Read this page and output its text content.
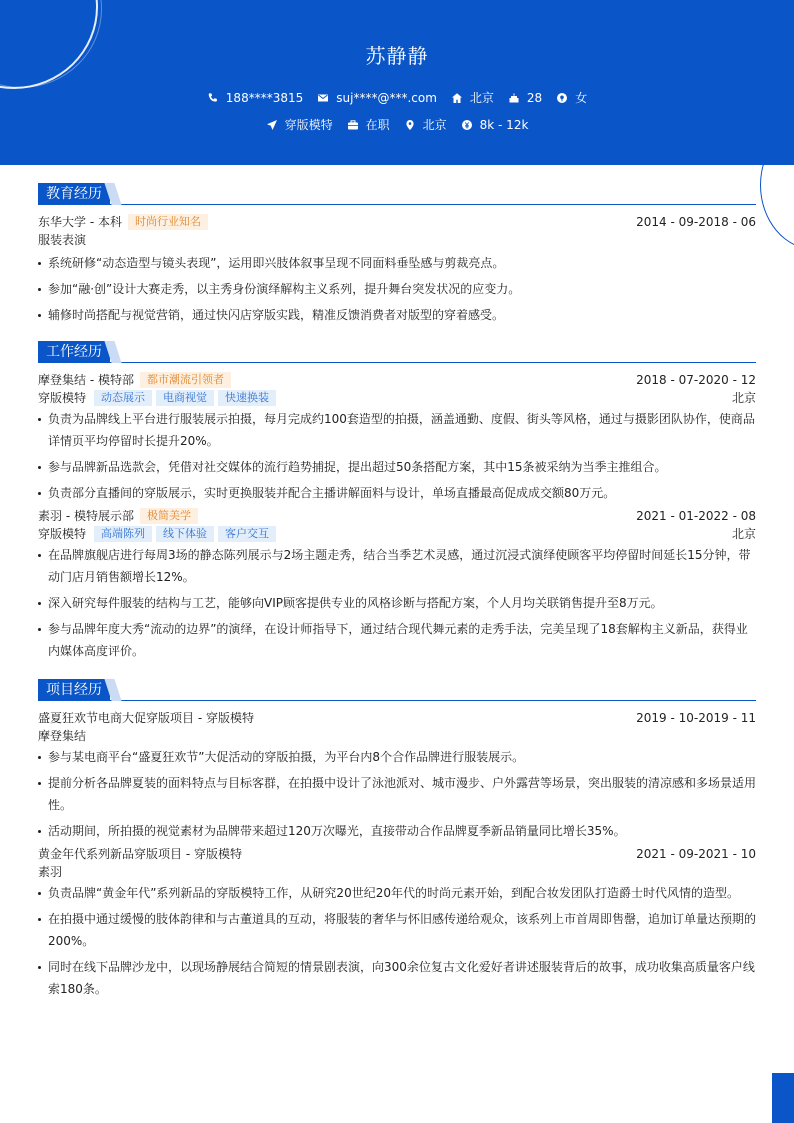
苏静静
188****3815	suj****@***.com	北京	28	女
穿版模特	在职	北京	8k - 12k
教育经历
东华大学 - 本科	时尚行业知名	2014 - 09-2018 - 06
服装表演
系统研修“动态造型与镜头表现”，运用即兴肢体叙事呈现不同面料垂坠感与剪裁亮点。
参加“融·创”设计大赛走秀，以主秀身份演绎解构主义系列，提升舞台突发状况的应变力。
辅修时尚搭配与视觉营销，通过快闪店穿版实践，精准反馈消费者对版型的穿着感受。
工作经历
摩登集结 - 模特部	都市潮流引领者	2018 - 07-2020 - 12
穿版模特	动态展示	电商视觉	快速换装	北京
负责为品牌线上平台进行服装展示拍摄，每月完成约100套造型的拍摄，涵盖通勤、度假、街头等风格，通过与摄影团队协作，使商品详情页平均停留时长提升20%。
参与品牌新品选款会，凭借对社交媒体的流行趋势捕捉，提出超过50条搭配方案，其中15条被采纳为当季主推组合。
负责部分直播间的穿版展示，实时更换服装并配合主播讲解面料与设计，单场直播最高促成成交额80万元。
素羽 - 模特展示部	极简美学	2021 - 01-2022 - 08
穿版模特	高端陈列	线下体验	客户交互	北京
在品牌旗舰店进行每周3场的静态陈列展示与2场主题走秀，结合当季艺术灵感，通过沉浸式演绎使顾客平均停留时间延长15分钟，带动门店月销售额增长12%。
深入研究每件服装的结构与工艺，能够向VIP顾客提供专业的风格诊断与搭配方案，个人月均关联销售提升至8万元。
参与品牌年度大秀“流动的边界”的演绎，在设计师指导下，通过结合现代舞元素的走秀手法，完美呈现了18套解构主义新品，获得业内媒体高度评价。
项目经历
盛夏狂欢节电商大促穿版项目 - 穿版模特	2019 - 10-2019 - 11
摩登集结
参与某电商平台“盛夏狂欢节”大促活动的穿版拍摄，为平台内8个合作品牌进行服装展示。
提前分析各品牌夏装的面料特点与目标客群，在拍摄中设计了泳池派对、城市漫步、户外露营等场景，突出服装的清凉感和多场景适用性。
活动期间，所拍摄的视觉素材为品牌带来超过120万次曝光，直接带动合作品牌夏季新品销量同比增长35%。
黄金年代系列新品穿版项目 - 穿版模特	2021 - 09-2021 - 10
素羽
负责品牌“黄金年代”系列新品的穿版模特工作，从研究20世纪20年代的时尚元素开始，到配合妆发团队打造爵士时代风情的造型。
在拍摄中通过缓慢的肢体韵律和与古董道具的互动，将服装的奢华与怀旧感传递给观众，该系列上市首周即售罄，追加订单量达预期的200%。
同时在线下品牌沙龙中，以现场静展结合简短的情景剧表演，向300余位复古文化爱好者讲述服装背后的故事，成功收集高质量客户线索180条。
